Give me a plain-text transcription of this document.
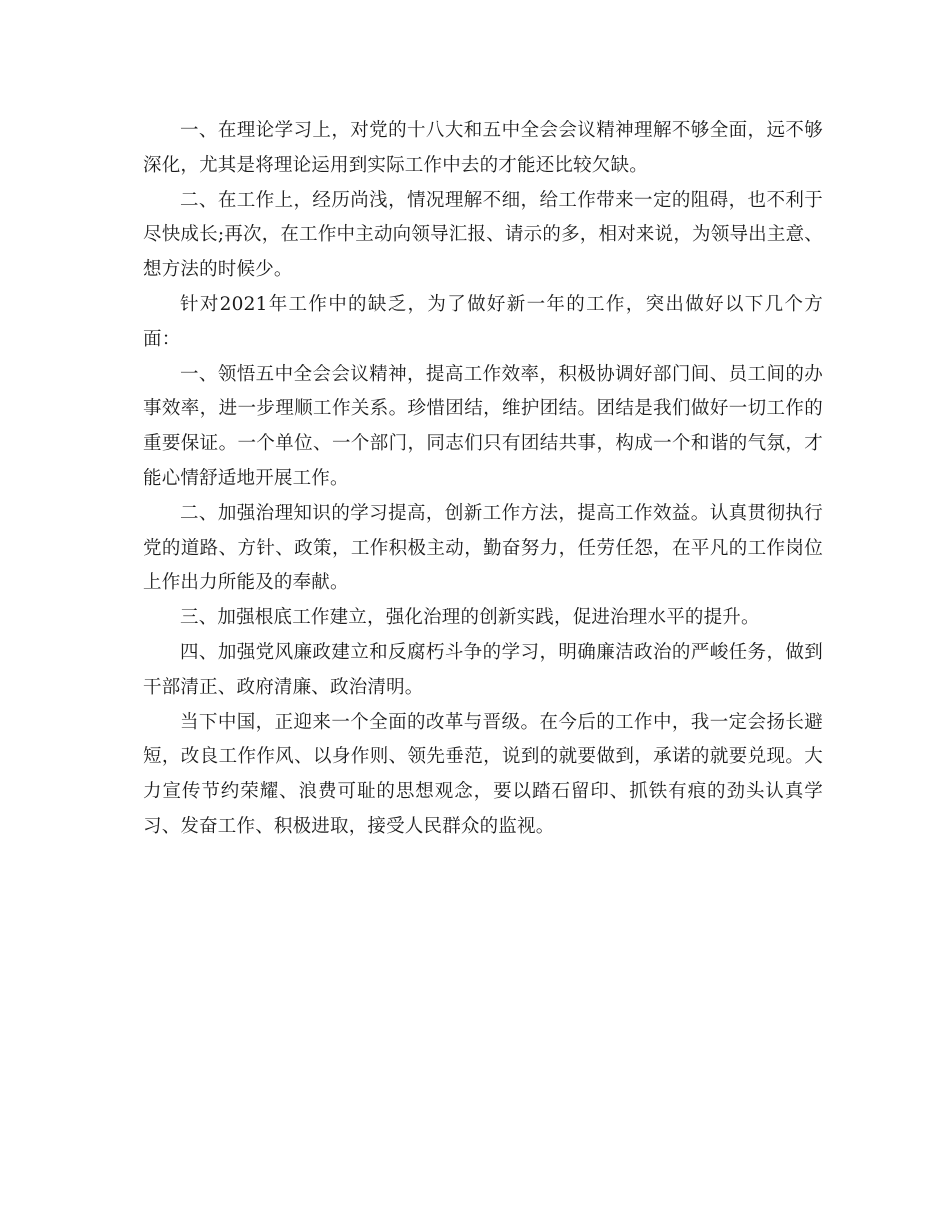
一、在理论学习上，对党的十八大和五中全会会议精神理解不够全面，远不够深化，尤其是将理论运用到实际工作中去的才能还比较欠缺。

二、在工作上，经历尚浅，情况理解不细，给工作带来一定的阻碍，也不利于尽快成长;再次，在工作中主动向领导汇报、请示的多，相对来说，为领导出主意、想方法的时候少。

针对2021年工作中的缺乏，为了做好新一年的工作，突出做好以下几个方面：

一、领悟五中全会会议精神，提高工作效率，积极协调好部门间、员工间的办事效率，进一步理顺工作关系。珍惜团结，维护团结。团结是我们做好一切工作的重要保证。一个单位、一个部门，同志们只有团结共事，构成一个和谐的气氛，才能心情舒适地开展工作。

二、加强治理知识的学习提高，创新工作方法，提高工作效益。认真贯彻执行党的道路、方针、政策，工作积极主动，勤奋努力，任劳任怨，在平凡的工作岗位上作出力所能及的奉献。

三、加强根底工作建立，强化治理的创新实践，促进治理水平的提升。

四、加强党风廉政建立和反腐朽斗争的学习，明确廉洁政治的严峻任务，做到干部清正、政府清廉、政治清明。

当下中国，正迎来一个全面的改革与晋级。在今后的工作中，我一定会扬长避短，改良工作作风、以身作则、领先垂范，说到的就要做到，承诺的就要兑现。大力宣传节约荣耀、浪费可耻的思想观念，要以踏石留印、抓铁有痕的劲头认真学习、发奋工作、积极进取，接受人民群众的监视。
